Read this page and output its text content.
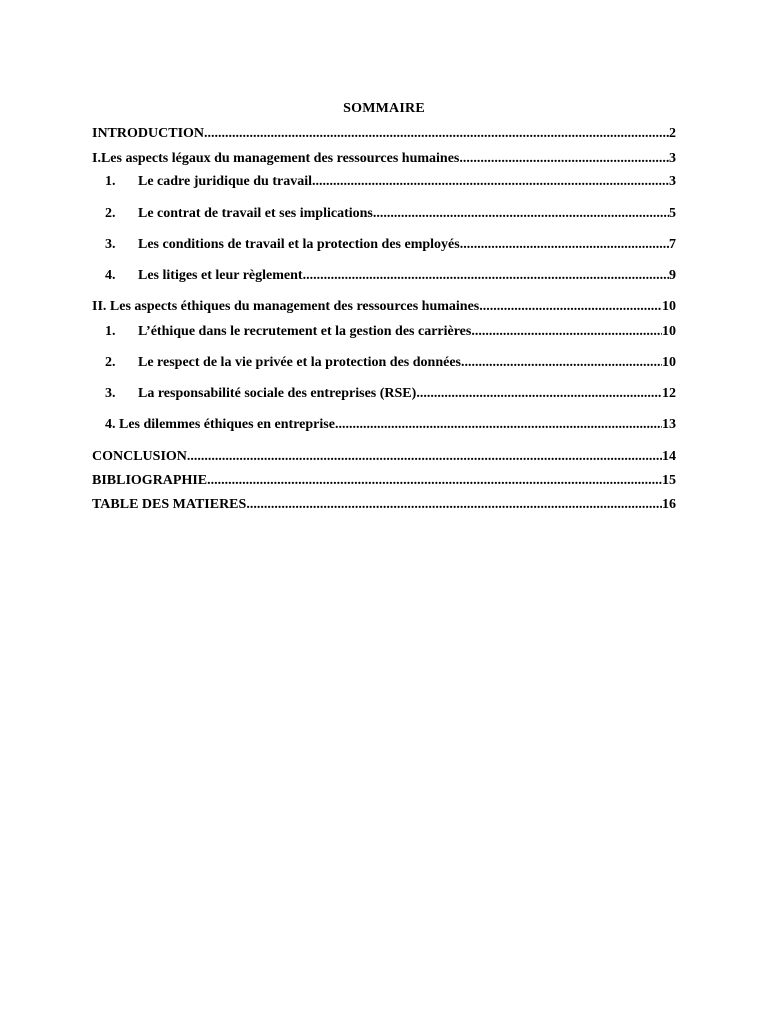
SOMMAIRE
INTRODUCTION .....	2
I.Les aspects légaux du management des ressources humaines .....	3
1.	Le cadre juridique du travail .....	3
2.	Le contrat de travail et ses implications .....	5
3.	Les conditions de travail et la protection des employés .....	7
4.	Les litiges et leur règlement .....	9
II. Les aspects éthiques du management des ressources humaines .....	10
1.	L’éthique dans le recrutement et la gestion des carrières .....	10
2.	Le respect de la vie privée et la protection des données .....	10
3.	La responsabilité sociale des entreprises (RSE) .....	12
4. Les dilemmes éthiques en entreprise .....	13
CONCLUSION .....	14
BIBLIOGRAPHIE .....	15
TABLE DES MATIERES .....	16
